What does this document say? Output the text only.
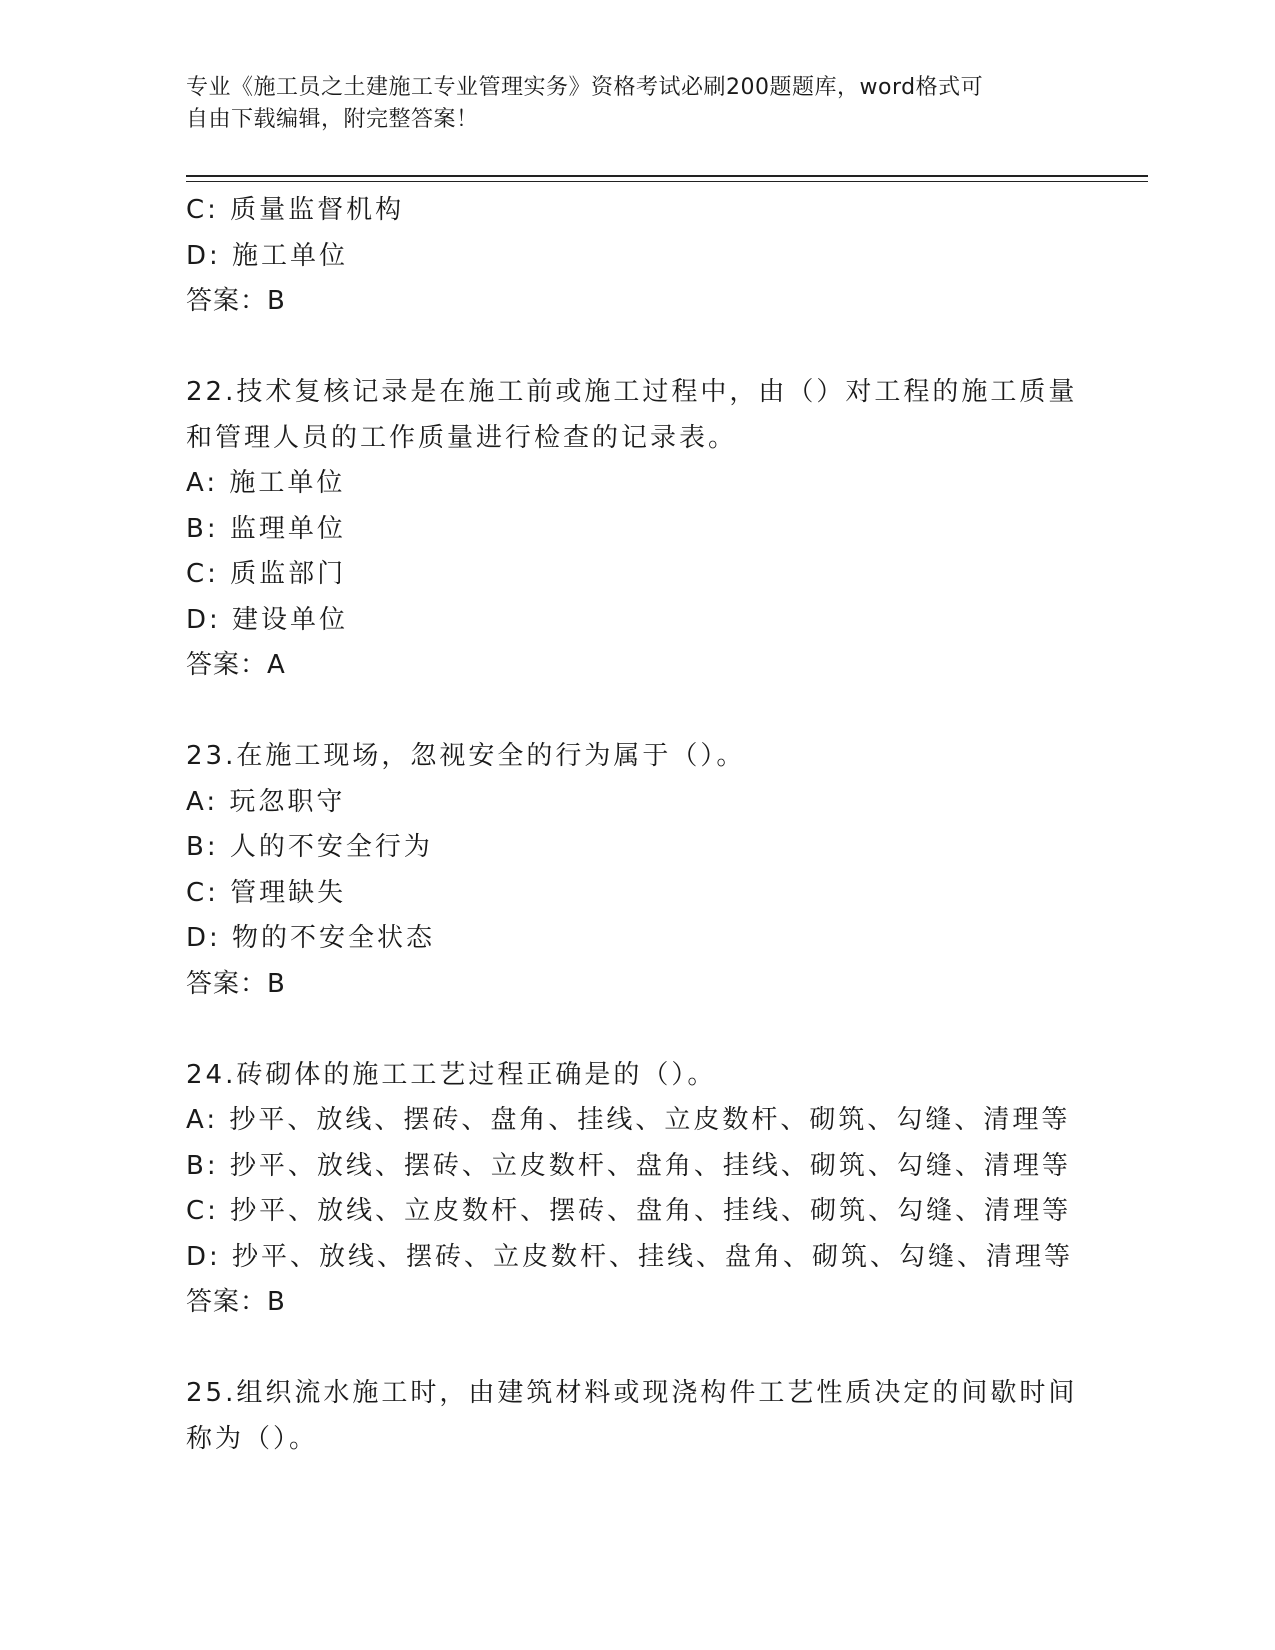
专业《施工员之土建施工专业管理实务》资格考试必刷200题题库，word格式可
自由下载编辑，附完整答案！
C: 质量监督机构
D: 施工单位
答案：B
22.技术复核记录是在施工前或施工过程中，由（）对工程的施工质量
和管理人员的工作质量进行检查的记录表。
A: 施工单位
B: 监理单位
C: 质监部门
D: 建设单位
答案：A
23.在施工现场，忽视安全的行为属于（）。
A: 玩忽职守
B: 人的不安全行为
C: 管理缺失
D: 物的不安全状态
答案：B
24.砖砌体的施工工艺过程正确是的（）。
A: 抄平、放线、摆砖、盘角、挂线、立皮数杆、砌筑、勾缝、清理等
B: 抄平、放线、摆砖、立皮数杆、盘角、挂线、砌筑、勾缝、清理等
C: 抄平、放线、立皮数杆、摆砖、盘角、挂线、砌筑、勾缝、清理等
D: 抄平、放线、摆砖、立皮数杆、挂线、盘角、砌筑、勾缝、清理等
答案：B
25.组织流水施工时，由建筑材料或现浇构件工艺性质决定的间歇时间
称为（）。
